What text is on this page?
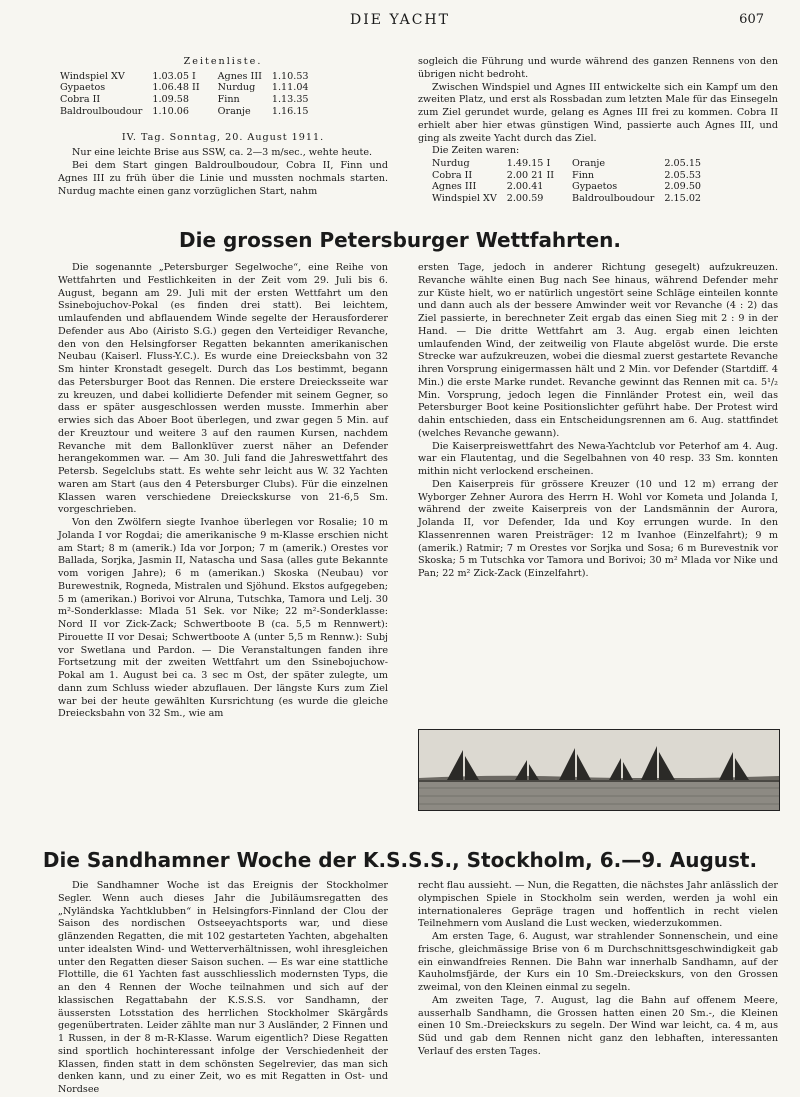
DIE YACHT	607
Zeitenliste.
Windspiel XV	1.03.05 I	Agnes III	1.10.53
Gypaetos	1.06.48 II	Nurdug	1.11.04
Cobra II	1.09.58	Finn	1.13.35
Baldroulboudour	1.10.06	Oranje	1.16.15
IV. Tag. Sonntag, 20. August 1911.

Nur eine leichte Brise aus SSW, ca. 2—3 m/sec., wehte heute.

Bei dem Start gingen Baldroulboudour, Cobra II, Finn und Agnes III zu früh über die Linie und mussten nochmals starten. Nurdug machte einen ganz vorzüglichen Start, nahm

sogleich die Führung und wurde während des ganzen Rennens von den übrigen nicht bedroht.

Zwischen Windspiel und Agnes III entwickelte sich ein Kampf um den zweiten Platz, und erst als Rossbadan zum letzten Male für das Einsegeln zum Ziel gerundet wurde, gelang es Agnes III frei zu kommen. Cobra II erhielt aber hier etwas günstigen Wind, passierte auch Agnes III, und ging als zweite Yacht durch das Ziel.

Die Zeiten waren:

Nurdug	1.49.15 I	Oranje	2.05.15
Cobra II	2.00 21 II	Finn	2.05.53
Agnes III	2.00.41	Gypaetos	2.09.50
Windspiel XV	2.00.59	Baldroulboudour	2.15.02
Die grossen Petersburger Wettfahrten.

Die sogenannte „Petersburger Segelwoche“, eine Reihe von Wettfahrten und Festlichkeiten in der Zeit vom 29. Juli bis 6. August, begann am 29. Juli mit der ersten Wettfahrt um den Ssinebojuchov-Pokal (es finden drei statt). Bei leichtem, umlaufenden und abflauendem Winde segelte der Herausforderer Defender aus Abo (Airisto S.G.) gegen den Verteidiger Revanche, den von den Helsingforser Regatten bekannten amerikanischen Neubau (Kaiserl. Fluss-Y.C.). Es wurde eine Dreiecksbahn von 32 Sm hinter Kronstadt gesegelt. Durch das Los bestimmt, begann das Petersburger Boot das Rennen. Die erstere Dreiecksseite war zu kreuzen, und dabei kollidierte Defender mit seinem Gegner, so dass er später ausgeschlossen werden musste. Immerhin aber erwies sich das Aboer Boot überlegen, und zwar gegen 5 Min. auf der Kreuztour und weitere 3 auf den raumen Kursen, nachdem Revanche mit dem Ballonklüver zuerst näher an Defender herangekommen war. — Am 30. Juli fand die Jahreswettfahrt des Petersb. Segelclubs statt. Es wehte sehr leicht aus W. 32 Yachten waren am Start (aus den 4 Petersburger Clubs). Für die einzelnen Klassen waren verschiedene Dreieckskurse von 21-6,5 Sm. vorgeschrieben.

Von den Zwölfern siegte Ivanhoe überlegen vor Rosalie; 10 m Jolanda I vor Rogdai; die amerikanische 9 m-Klasse erschien nicht am Start; 8 m (amerik.) Ida vor Jorpon; 7 m (amerik.) Orestes vor Ballada, Sorjka, Jasmin II, Natascha und Sasa (alles gute Bekannte vom vorigen Jahre); 6 m (amerikan.) Skoska (Neubau) vor Burewestnik, Rogneda, Mistralen und Sjöhund. Ekstos aufgegeben; 5 m (amerikan.) Borivoi vor Alruna, Tutschka, Tamora und Lelj. 30 m²-Sonderklasse: Mlada 51 Sek. vor Nike; 22 m²-Sonderklasse: Nord II vor Zick-Zack; Schwertboote B (ca. 5,5 m Rennwert): Pirouette II vor Desai; Schwertboote A (unter 5,5 m Rennw.): Subj vor Swetlana und Pardon. — Die Veranstaltungen fanden ihre Fortsetzung mit der zweiten Wettfahrt um den Ssinebojuchow-Pokal am 1. August bei ca. 3 sec m Ost, der später zulegte, um dann zum Schluss wieder abzuflauen. Der längste Kurs zum Ziel war bei der heute gewählten Kursrichtung (es wurde die gleiche Dreiecksbahn von 32 Sm., wie am

ersten Tage, jedoch in anderer Richtung gesegelt) aufzukreuzen. Revanche wählte einen Bug nach See hinaus, während Defender mehr zur Küste hielt, wo er natürlich ungestört seine Schläge einteilen konnte und dann auch als der bessere Amwinder weit vor Revanche (4 : 2) das Ziel passierte, in berechneter Zeit ergab das einen Sieg mit 2 : 9 in der Hand. — Die dritte Wettfahrt am 3. Aug. ergab einen leichten umlaufenden Wind, der zeitweilig von Flaute abgelöst wurde. Die erste Strecke war aufzukreuzen, wobei die diesmal zuerst gestartete Revanche ihren Vorsprung einigermassen hält und 2 Min. vor Defender (Startdiff. 4 Min.) die erste Marke rundet. Revanche gewinnt das Rennen mit ca. 5¹/₂ Min. Vorsprung, jedoch legen die Finnländer Protest ein, weil das Petersburger Boot keine Positionslichter geführt habe. Der Protest wird dahin entschieden, dass ein Entscheidungsrennen am 6. Aug. stattfindet (welches Revanche gewann).

Die Kaiserpreiswettfahrt des Newa-Yachtclub vor Peterhof am 4. Aug. war ein Flautentag, und die Segelbahnen von 40 resp. 33 Sm. konnten mithin nicht verlockend erscheinen.

Den Kaiserpreis für grössere Kreuzer (10 und 12 m) errang der Wyborger Zehner Aurora des Herrn H. Wohl vor Kometa und Jolanda I, während der zweite Kaiserpreis von der Landsmännin der Aurora, Jolanda II, vor Defender, Ida und Koy errungen wurde. In den Klassenrennen waren Preisträger: 12 m Ivanhoe (Einzelfahrt); 9 m (amerik.) Ratmir; 7 m Orestes vor Sorjka und Sosa; 6 m Burevestnik vor Skoska; 5 m Tutschka vor Tamora und Borivoi; 30 m² Mlada vor Nike und Pan; 22 m² Zick-Zack (Einzelfahrt).

Die Sandhamner Woche der K.S.S.S., Stockholm, 6.—9. August.

Die Sandhamner Woche ist das Ereignis der Stockholmer Segler. Wenn auch dieses Jahr die Jubiläumsregatten des „Nyländska Yachtklubben“ in Helsingfors-Finnland der Clou der Saison des nordischen Ostseeyachtsports war, und diese glänzenden Regatten, die mit 102 gestarteten Yachten, abgehalten unter idealsten Wind- und Wetterverhältnissen, wohl ihresgleichen unter den Regatten dieser Saison suchen. — Es war eine stattliche Flottille, die 61 Yachten fast ausschliesslich modernsten Typs, die an den 4 Rennen der Woche teilnahmen und sich auf der klassischen Regattabahn der K.S.S.S. vor Sandhamn, der äussersten Lotsstation des herrlichen Stockholmer Skärgårds gegenübertraten. Leider zählte man nur 3 Ausländer, 2 Finnen und 1 Russen, in der 8 m-R-Klasse. Warum eigentlich? Diese Regatten sind sportlich hochinteressant infolge der Verschiedenheit der Klassen, finden statt in dem schönsten Segelrevier, das man sich denken kann, und zu einer Zeit, wo es mit Regatten in Ost- und Nordsee

recht flau aussieht. — Nun, die Regatten, die nächstes Jahr anlässlich der olympischen Spiele in Stockholm sein werden, werden ja wohl ein internationaleres Gepräge tragen und hoffentlich in recht vielen Teilnehmern vom Ausland die Lust wecken, wiederzukommen.

Am ersten Tage, 6. August, war strahlender Sonnenschein, und eine frische, gleichmässige Brise von 6 m Durchschnittsgeschwindigkeit gab ein einwandfreies Rennen. Die Bahn war innerhalb Sandhamn, auf der Kauholmsfjärde, der Kurs ein 10 Sm.-Dreieckskurs, von den Grossen zweimal, von den Kleinen einmal zu segeln.

Am zweiten Tage, 7. August, lag die Bahn auf offenem Meere, ausserhalb Sandhamn, die Grossen hatten einen 20 Sm.-, die Kleinen einen 10 Sm.-Dreieckskurs zu segeln. Der Wind war leicht, ca. 4 m, aus Süd und gab dem Rennen nicht ganz den lebhaften, interessanten Verlauf des ersten Tages.
